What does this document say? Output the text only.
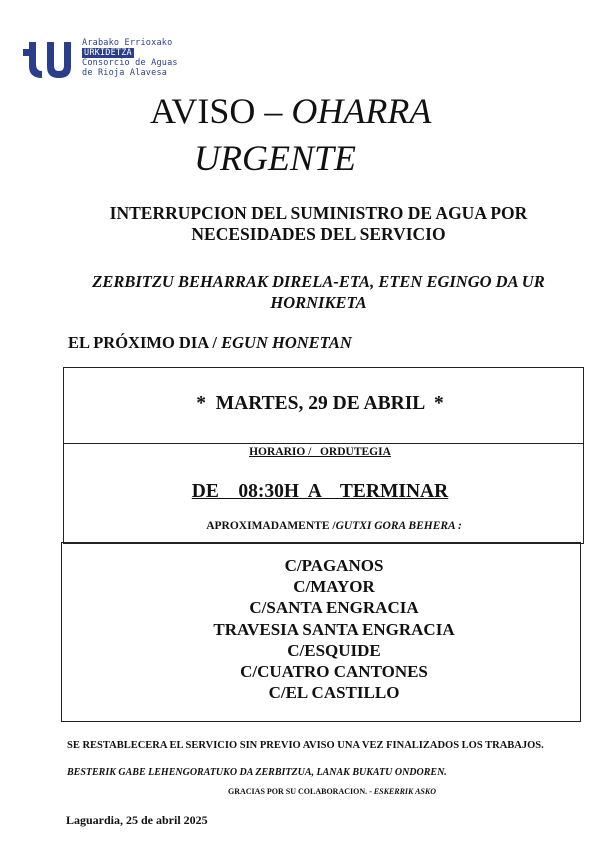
Arabako Errioxako
URKIDETZA
Consorcio de Aguas
de Rioja Alavesa
AVISO – OHARRA
URGENTE
INTERRUPCION DEL SUMINISTRO DE AGUA POR
NECESIDADES DEL SERVICIO
ZERBITZU BEHARRAK DIRELA-ETA, ETEN EGINGO DA UR
HORNIKETA
EL PRÓXIMO DIA / EGUN HONETAN
*  MARTES, 29 DE ABRIL  *
HORARIO /   ORDUTEGIA
DE    08:30H  A    TERMINAR
APROXIMADAMENTE /GUTXI GORA BEHERA :
C/PAGANOS
C/MAYOR
C/SANTA ENGRACIA
TRAVESIA SANTA ENGRACIA
C/ESQUIDE
C/CUATRO CANTONES
C/EL CASTILLO
SE RESTABLECERA EL SERVICIO SIN PREVIO AVISO UNA VEZ FINALIZADOS LOS TRABAJOS.
BESTERIK GABE LEHENGORATUKO DA ZERBITZUA, LANAK BUKATU ONDOREN.
GRACIAS POR SU COLABORACION. - ESKERRIK ASKO
Laguardia, 25 de abril 2025
